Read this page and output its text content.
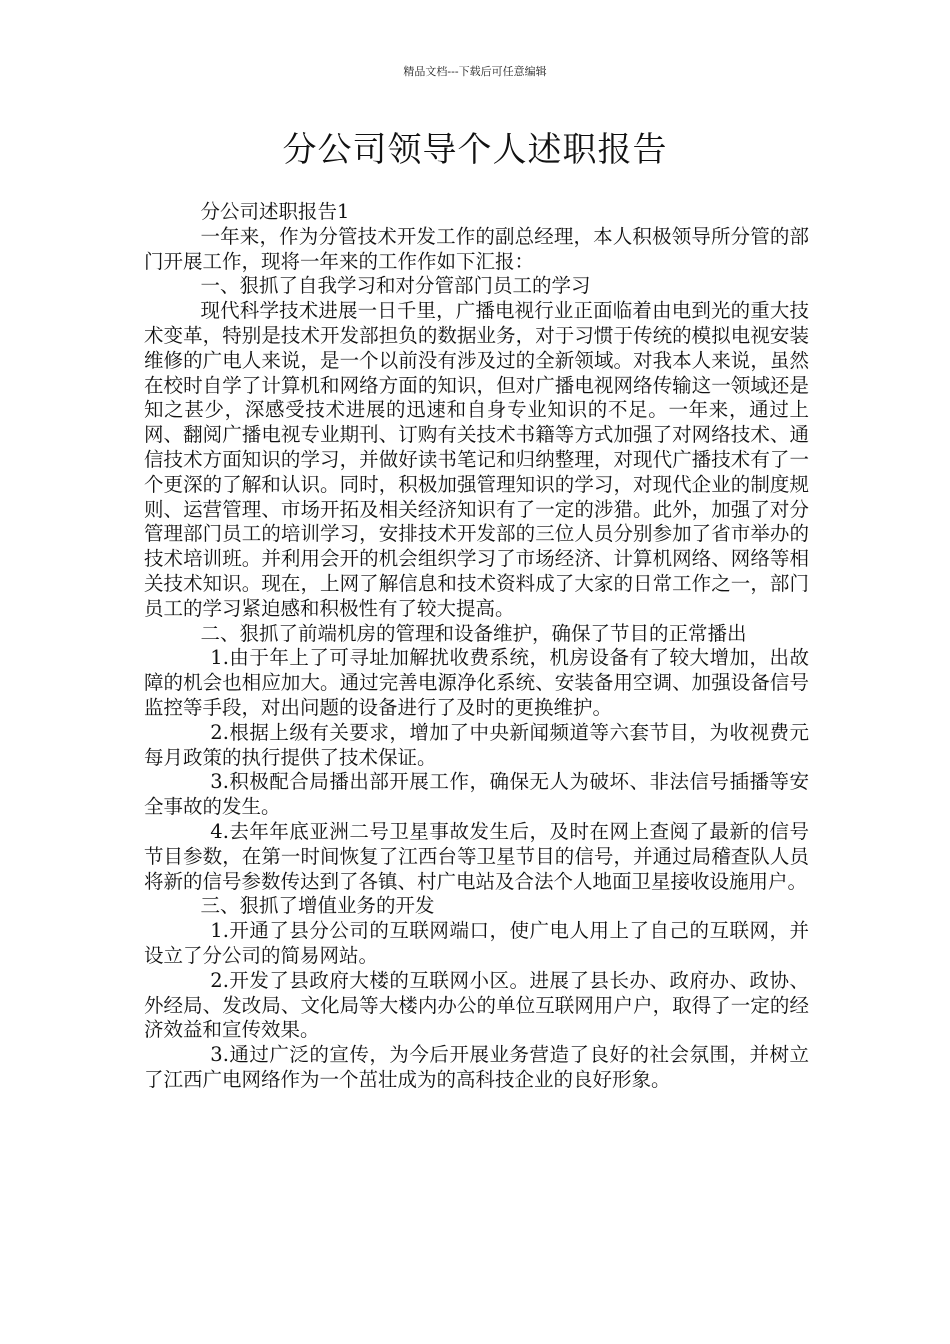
精品文档---下载后可任意编辑
分公司领导个人述职报告

分公司述职报告1

一年来，作为分管技术开发工作的副总经理，本人积极领导所分管的部门开展工作，现将一年来的工作作如下汇报：

一、狠抓了自我学习和对分管部门员工的学习

现代科学技术进展一日千里，广播电视行业正面临着由电到光的重大技术变革，特别是技术开发部担负的数据业务，对于习惯于传统的模拟电视安装维修的广电人来说，是一个以前没有涉及过的全新领域。对我本人来说，虽然在校时自学了计算机和网络方面的知识，但对广播电视网络传输这一领域还是知之甚少，深感受技术进展的迅速和自身专业知识的不足。一年来，通过上网、翻阅广播电视专业期刊、订购有关技术书籍等方式加强了对网络技术、通信技术方面知识的学习，并做好读书笔记和归纳整理，对现代广播技术有了一个更深的了解和认识。同时，积极加强管理知识的学习，对现代企业的制度规则、运营管理、市场开拓及相关经济知识有了一定的涉猎。此外，加强了对分管理部门员工的培训学习，安排技术开发部的三位人员分别参加了省市举办的技术培训班。并利用会开的机会组织学习了市场经济、计算机网络、网络等相关技术知识。现在，上网了解信息和技术资料成了大家的日常工作之一，部门员工的学习紧迫感和积极性有了较大提高。

二、狠抓了前端机房的管理和设备维护，确保了节目的正常播出

1.由于年上了可寻址加解扰收费系统，机房设备有了较大增加，出故障的机会也相应加大。通过完善电源净化系统、安装备用空调、加强设备信号监控等手段，对出问题的设备进行了及时的更换维护。

2.根据上级有关要求，增加了中央新闻频道等六套节目，为收视费元每月政策的执行提供了技术保证。

3.积极配合局播出部开展工作，确保无人为破坏、非法信号插播等安全事故的发生。

4.去年年底亚洲二号卫星事故发生后，及时在网上查阅了最新的信号节目参数，在第一时间恢复了江西台等卫星节目的信号，并通过局稽查队人员将新的信号参数传达到了各镇、村广电站及合法个人地面卫星接收设施用户。

三、狠抓了增值业务的开发

1.开通了县分公司的互联网端口，使广电人用上了自己的互联网，并设立了分公司的简易网站。

2.开发了县政府大楼的互联网小区。进展了县长办、政府办、政协、外经局、发改局、文化局等大楼内办公的单位互联网用户户，取得了一定的经济效益和宣传效果。

3.通过广泛的宣传，为今后开展业务营造了良好的社会氛围，并树立了江西广电网络作为一个茁壮成为的高科技企业的良好形象。
